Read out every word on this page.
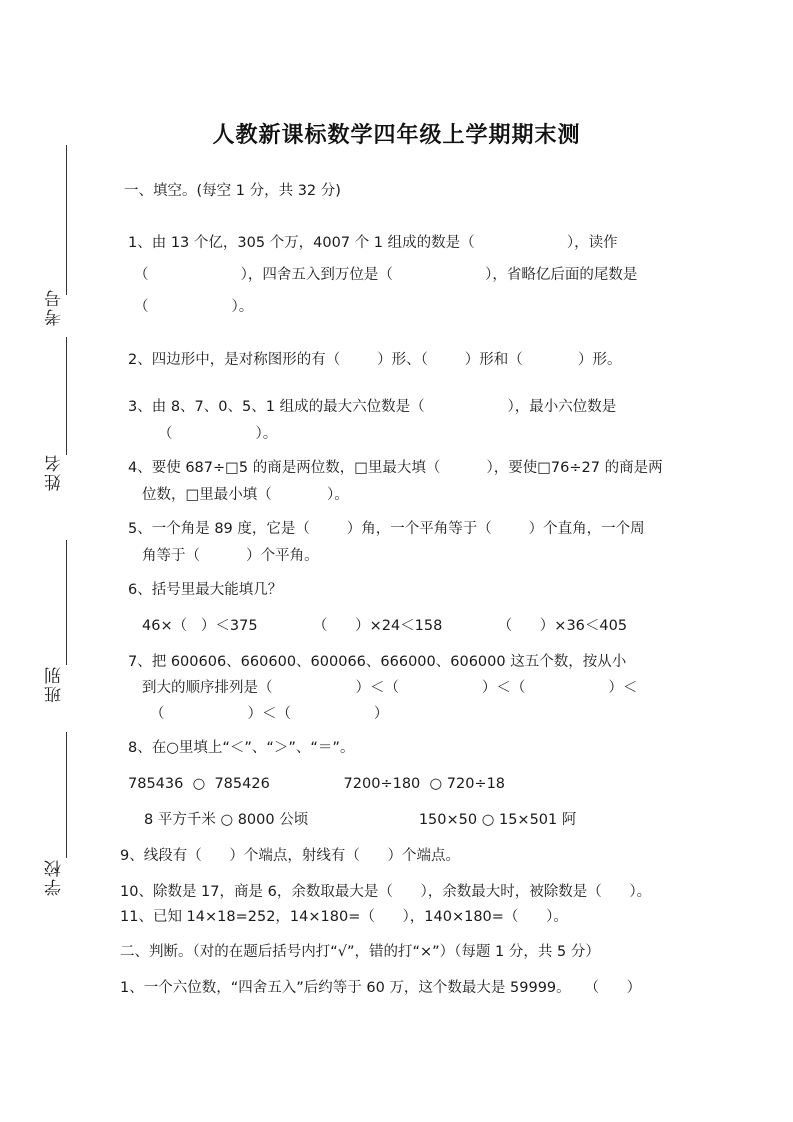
人教新课标数学四年级上学期期末测
考号
姓名
班别
学校
一、填空。(每空 1 分，共 32 分)
1、由 13 个亿，305 个万，4007 个 1 组成的数是（                    ），读作
（                    ），四舍五入到万位是（                    ），省略亿后面的尾数是
（                  ）。
2、四边形中，是对称图形的有（        ）形、（        ）形和（            ）形。
3、由 8、7、0、5、1 组成的最大六位数是（                  ），最小六位数是
（                  ）。
4、要使 687÷□5 的商是两位数，□里最大填（          ），要使□76÷27 的商是两
位数，□里最小填（            ）。
5、一个角是 89 度，它是（        ）角，一个平角等于（        ）个直角，一个周
角等于（          ）个平角。
6、括号里最大能填几？
46×（   ）＜375            （      ）×24＜158            （      ）×36＜405
7、把 600606、660600、600066、666000、606000 这五个数，按从小
到大的顺序排列是（                  ）＜（                  ）＜（                  ）＜
（                  ）＜（                  ）
8、在○里填上“＜”、“＞”、“＝”。
785436  ○  785426                7200÷180  ○ 720÷18
8 平方千米 ○ 8000 公顷                        150×50 ○ 15×501 阿
9、线段有（      ）个端点，射线有（      ）个端点。
10、除数是 17，商是 6，余数取最大是（      ），余数最大时，被除数是（      ）。
11、已知 14×18=252，14×180=（      ），140×180=（      ）。
二、判断。（对的在题后括号内打“√”，错的打“×”）（每题 1 分，共 5 分）
1、一个六位数，“四舍五入”后约等于 60 万，这个数最大是 59999。   （      ）
